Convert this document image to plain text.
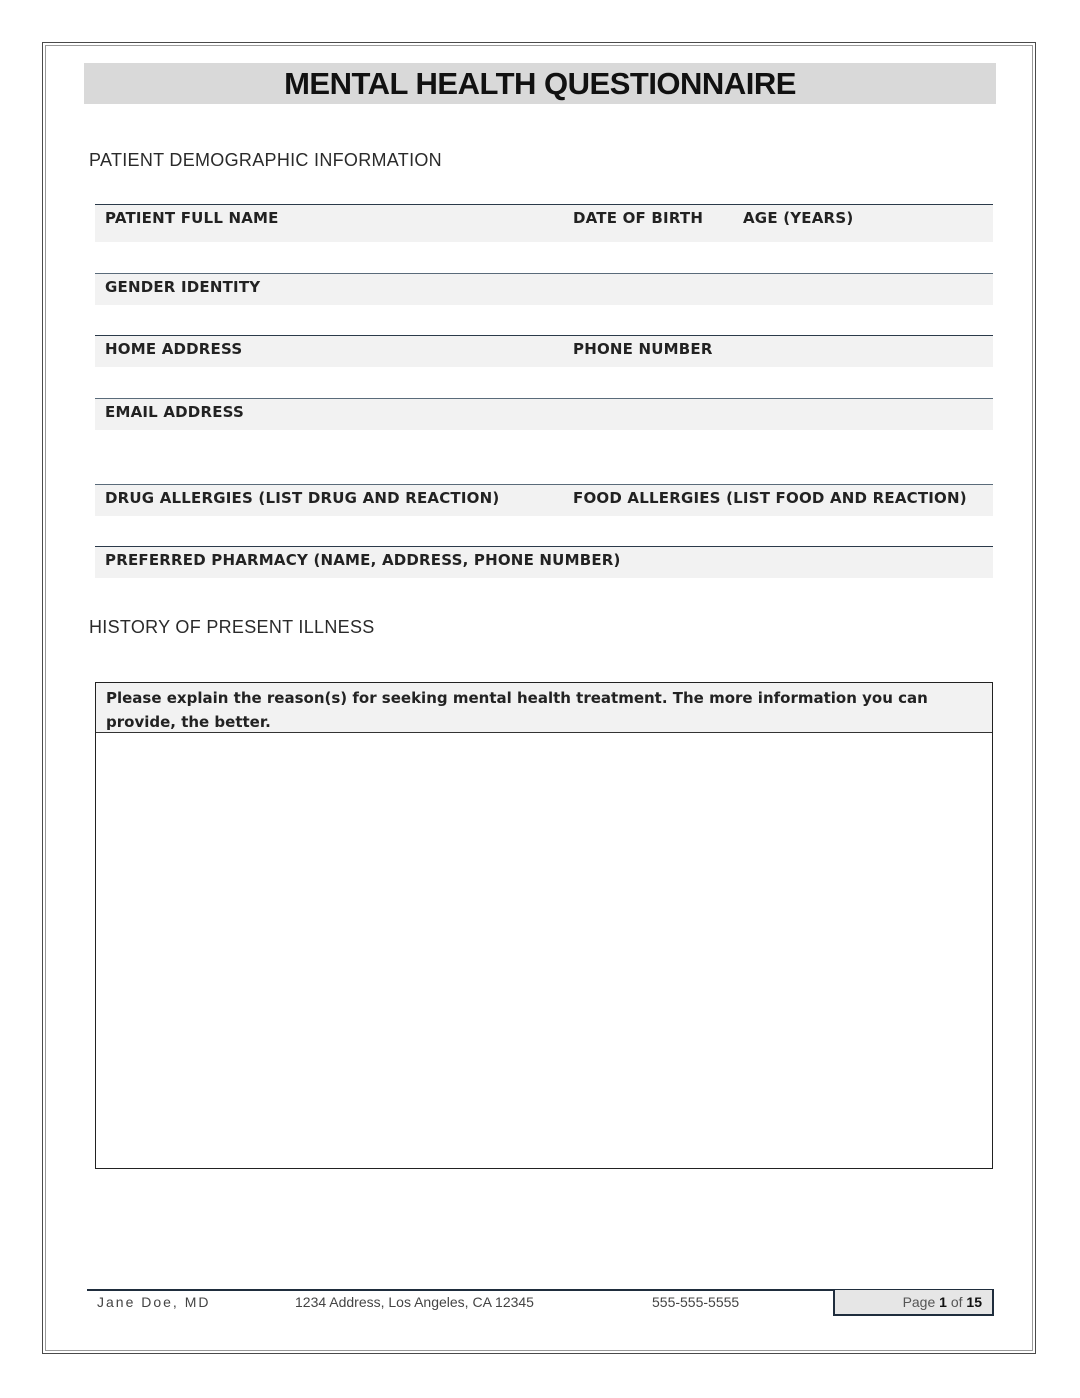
MENTAL HEALTH QUESTIONNAIRE
PATIENT DEMOGRAPHIC INFORMATION
PATIENT FULL NAME	DATE OF BIRTH	AGE (YEARS)
GENDER IDENTITY
HOME ADDRESS	PHONE NUMBER
EMAIL ADDRESS
DRUG ALLERGIES (LIST DRUG AND REACTION)	FOOD ALLERGIES (LIST FOOD AND REACTION)
PREFERRED PHARMACY (NAME, ADDRESS, PHONE NUMBER)
HISTORY OF PRESENT ILLNESS
Please explain the reason(s) for seeking mental health treatment. The more information you can provide, the better.
Jane Doe, MD	1234 Address, Los Angeles, CA 12345	555-555-5555	Page 1 of 15
